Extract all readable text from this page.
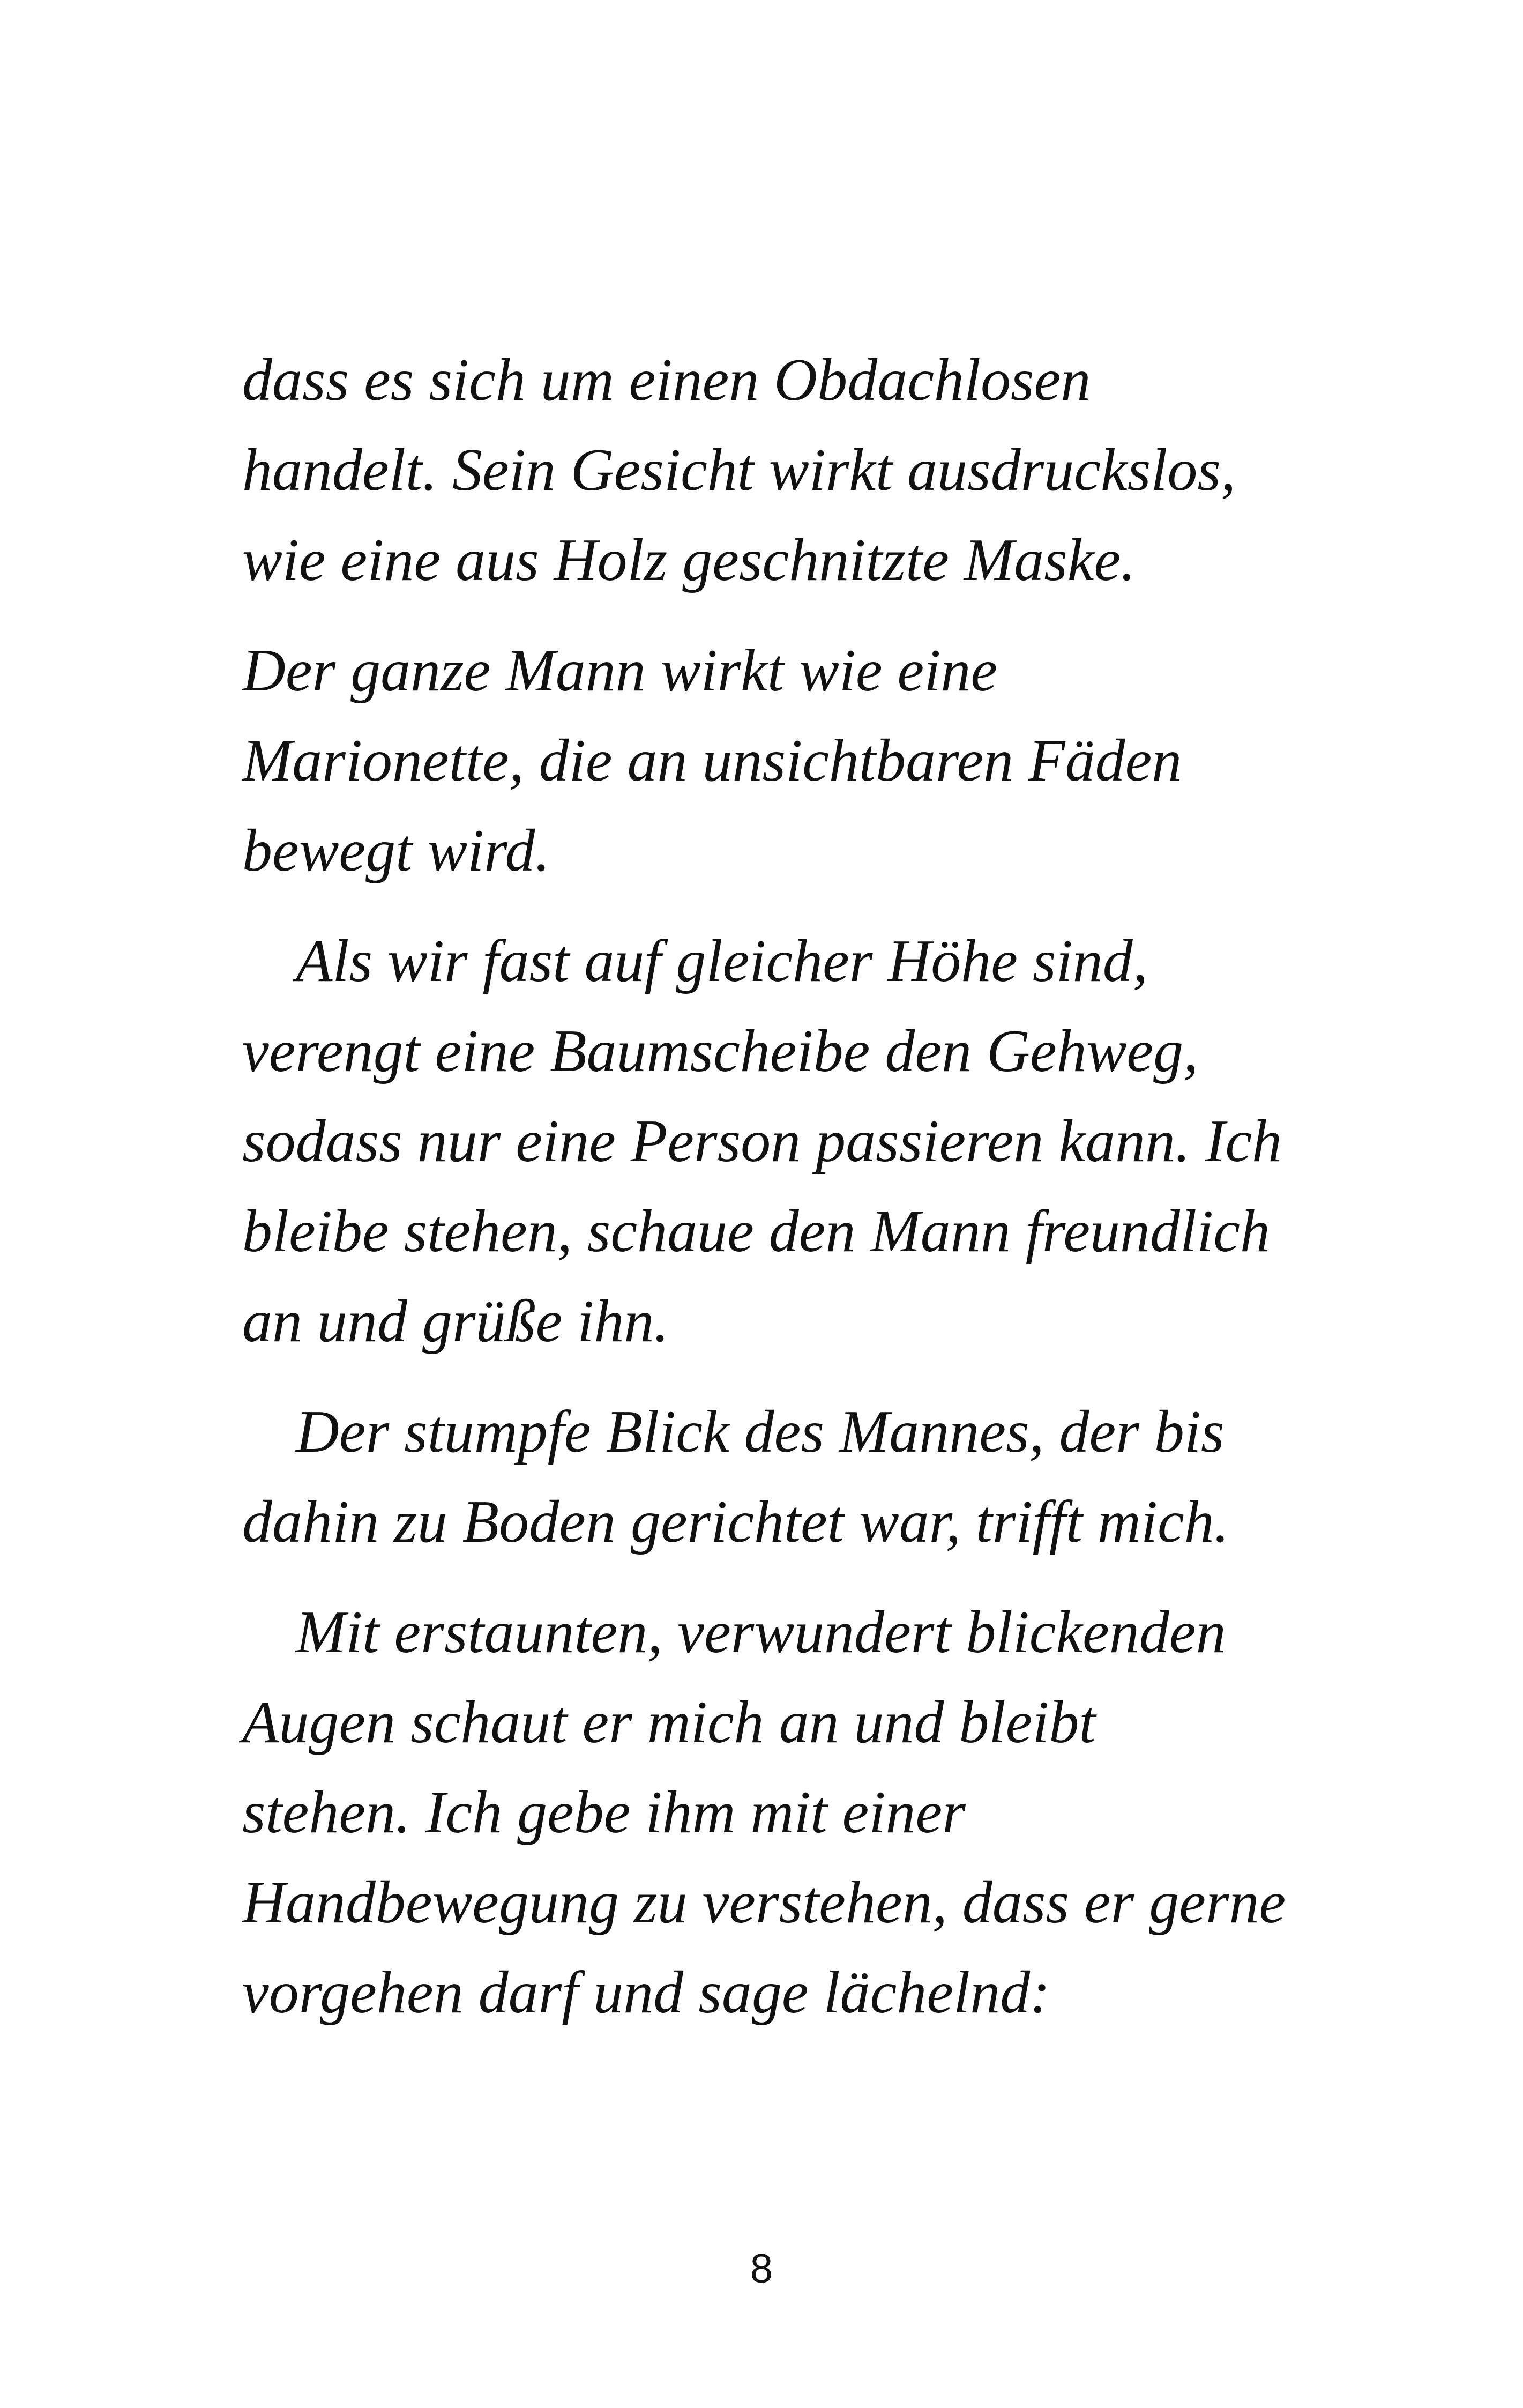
dass es sich um einen Obdachlosen
handelt. Sein Gesicht wirkt ausdruckslos,
wie eine aus Holz geschnitzte Maske.

Der ganze Mann wirkt wie eine
Marionette, die an unsichtbaren Fäden
bewegt wird.

Als wir fast auf gleicher Höhe sind,
verengt eine Baumscheibe den Gehweg,
sodass nur eine Person passieren kann. Ich
bleibe stehen, schaue den Mann freundlich
an und grüße ihn.

Der stumpfe Blick des Mannes, der bis
dahin zu Boden gerichtet war, trifft mich.

Mit erstaunten, verwundert blickenden
Augen schaut er mich an und bleibt
stehen. Ich gebe ihm mit einer
Handbewegung zu verstehen, dass er gerne
vorgehen darf und sage lächelnd:

8
